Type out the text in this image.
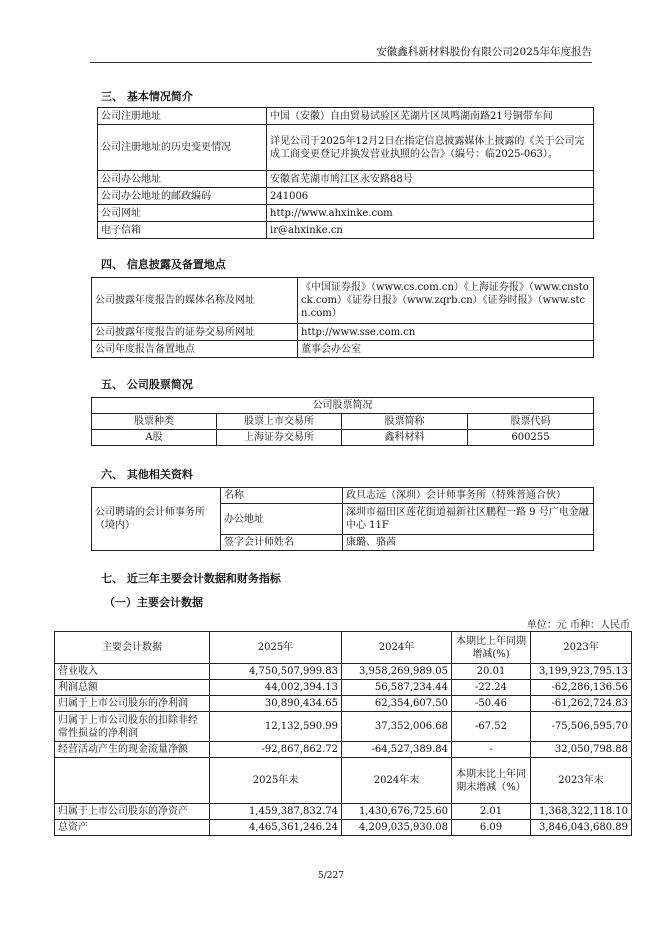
安徽鑫科新材料股份有限公司2025年年度报告
三、 基本情况简介
公司注册地址	中国（安徽）自由贸易试验区芜湖片区凤鸣湖南路21号铜带车间
公司注册地址的历史变更情况	详见公司于2025年12月2日在指定信息披露媒体上披露的《关于公司完成工商变更登记并换发营业执照的公告》（编号：临2025-063）。
公司办公地址	安徽省芜湖市鸠江区永安路88号
公司办公地址的邮政编码	241006
公司网址	http://www.ahxinke.com
电子信箱	ir@ahxinke.cn
四、 信息披露及备置地点
公司披露年度报告的媒体名称及网址	《中国证券报》（www.cs.com.cn）《上海证券报》（www.cnstock.com）《证券日报》（www.zqrb.cn）《证券时报》（www.stcn.com）
公司披露年度报告的证券交易所网址	http://www.sse.com.cn
公司年度报告备置地点	董事会办公室
五、 公司股票简况
公司股票简况			
股票种类	股票上市交易所	股票简称	股票代码
A股	上海证券交易所	鑫科材料	600255
六、 其他相关资料
公司聘请的会计师事务所（境内）	名称	政旦志远（深圳）会计师事务所（特殊普通合伙）
	办公地址	深圳市福田区莲花街道福新社区鹏程一路 9 号广电金融中心 11F
	签字会计师姓名	康璐、骆茜
七、 近三年主要会计数据和财务指标
（一）主要会计数据
单位：元 币种：人民币
主要会计数据	2025年	2024年	本期比上年同期增减(%)	2023年
营业收入	4,750,507,999.83	3,958,269,989.05	20.01	3,199,923,795.13
利润总额	44,002,394.13	56,587,234.44	-22.24	-62,286,136.56
归属于上市公司股东的净利润	30,890,434.65	62,354,607.50	-50.46	-61,262,724.83
归属于上市公司股东的扣除非经常性损益的净利润	12,132,590.99	37,352,006.68	-67.52	-75,506,595.70
经营活动产生的现金流量净额	-92,867,862.72	-64,527,389.84	-	32,050,798.88
	2025年末	2024年末	本期末比上年同期末增减（%）	2023年末
归属于上市公司股东的净资产	1,459,387,832.74	1,430,676,725.60	2.01	1,368,322,118.10
总资产	4,465,361,246.24	4,209,035,930.08	6.09	3,846,043,680.89
5/227
